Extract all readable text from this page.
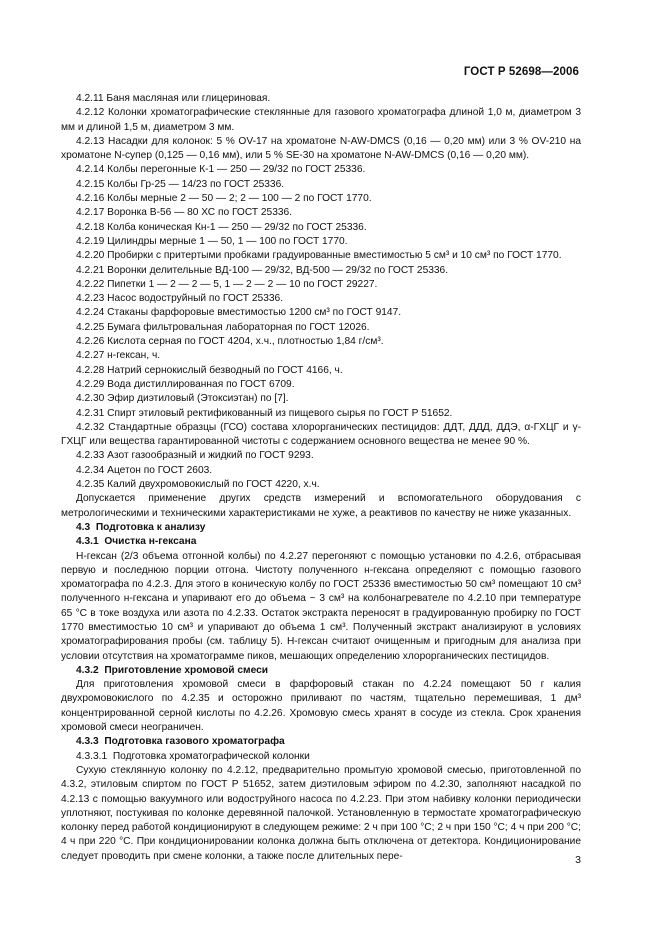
ГОСТ Р 52698—2006

4.2.11 Баня масляная или глицериновая.

4.2.12 Колонки хроматографические стеклянные для газового хроматографа длиной 1,0 м, диаметром 3 мм и длиной 1,5 м, диаметром 3 мм.

4.2.13 Насадки для колонок: 5 % OV-17 на хроматоне N-AW-DMCS (0,16 — 0,20 мм) или 3 % OV-210 на хроматоне N-супер (0,125 — 0,16 мм), или 5 % SE-30 на хроматоне N-AW-DMCS (0,16 — 0,20 мм).

4.2.14 Колбы перегонные К-1 — 250 — 29/32 по ГОСТ 25336.

4.2.15 Колбы Гр-25 — 14/23 по ГОСТ 25336.

4.2.16 Колбы мерные 2 — 50 — 2; 2 — 100 — 2 по ГОСТ 1770.

4.2.17 Воронка В-56 — 80 ХС по ГОСТ 25336.

4.2.18 Колба коническая Кн-1 — 250 — 29/32 по ГОСТ 25336.

4.2.19 Цилиндры мерные 1 — 50, 1 — 100 по ГОСТ 1770.

4.2.20 Пробирки с притертыми пробками градуированные вместимостью 5 см³ и 10 см³ по ГОСТ 1770.

4.2.21 Воронки делительные ВД-100 — 29/32, ВД-500 — 29/32 по ГОСТ 25336.

4.2.22 Пипетки 1 — 2 — 2 — 5, 1 — 2 — 2 — 10 по ГОСТ 29227.

4.2.23 Насос водоструйный по ГОСТ 25336.

4.2.24 Стаканы фарфоровые вместимостью 1200 см³ по ГОСТ 9147.

4.2.25 Бумага фильтровальная лабораторная по ГОСТ 12026.

4.2.26 Кислота серная по ГОСТ 4204, х.ч., плотностью 1,84 г/см³.

4.2.27 н-гексан, ч.

4.2.28 Натрий сернокислый безводный по ГОСТ 4166, ч.

4.2.29 Вода дистиллированная по ГОСТ 6709.

4.2.30 Эфир диэтиловый (Этоксиэтан) по [7].

4.2.31 Спирт этиловый ректификованный из пищевого сырья по ГОСТ Р 51652.

4.2.32 Стандартные образцы (ГСО) состава хлорорганических пестицидов: ДДТ, ДДД, ДДЭ, α-ГХЦГ и γ-ГХЦГ или вещества гарантированной чистоты с содержанием основного вещества не менее 90 %.

4.2.33 Азот газообразный и жидкий по ГОСТ 9293.

4.2.34 Ацетон по ГОСТ 2603.

4.2.35 Калий двухромовокислый по ГОСТ 4220, х.ч.

Допускается применение других средств измерений и вспомогательного оборудования с метрологическими и техническими характеристиками не хуже, а реактивов по качеству не ниже указанных.

4.3 Подготовка к анализу

4.3.1 Очистка н-гексана

Н-гексан (2/3 объема отгонной колбы) по 4.2.27 перегоняют с помощью установки по 4.2.6, отбрасывая первую и последнюю порции отгона. Чистоту полученного н-гексана определяют с помощью газового хроматографа по 4.2.3. Для этого в коническую колбу по ГОСТ 25336 вместимостью 50 см³ помещают 10 см³ полученного н-гексана и упаривают его до объема ~ 3 см³ на колбонагревателе по 4.2.10 при температуре 65 °С в токе воздуха или азота по 4.2.33. Остаток экстракта переносят в градуированную пробирку по ГОСТ 1770 вместимостью 10 см³ и упаривают до объема 1 см³. Полученный экстракт анализируют в условиях хроматографирования пробы (см. таблицу 5). Н-гексан считают очищенным и пригодным для анализа при условии отсутствия на хроматограмме пиков, мешающих определению хлорорганических пестицидов.

4.3.2 Приготовление хромовой смеси

Для приготовления хромовой смеси в фарфоровый стакан по 4.2.24 помещают 50 г калия двухромовокислого по 4.2.35 и осторожно приливают по частям, тщательно перемешивая, 1 дм³ концентрированной серной кислоты по 4.2.26. Хромовую смесь хранят в сосуде из стекла. Срок хранения хромовой смеси неограничен.

4.3.3 Подготовка газового хроматографа

4.3.3.1 Подготовка хроматографической колонки

Сухую стеклянную колонку по 4.2.12, предварительно промытую хромовой смесью, приготовленной по 4.3.2, этиловым спиртом по ГОСТ Р 51652, затем диэтиловым эфиром по 4.2.30, заполняют насадкой по 4.2.13 с помощью вакуумного или водоструйного насоса по 4.2.23. При этом набивку колонки периодически уплотняют, постукивая по колонке деревянной палочкой. Установленную в термостате хроматографическую колонку перед работой кондиционируют в следующем режиме: 2 ч при 100 °С; 2 ч при 150 °С; 4 ч при 200 °С; 4 ч при 220 °С. При кондиционировании колонка должна быть отключена от детектора. Кондиционирование следует проводить при смене колонки, а также после длительных пере-	3
